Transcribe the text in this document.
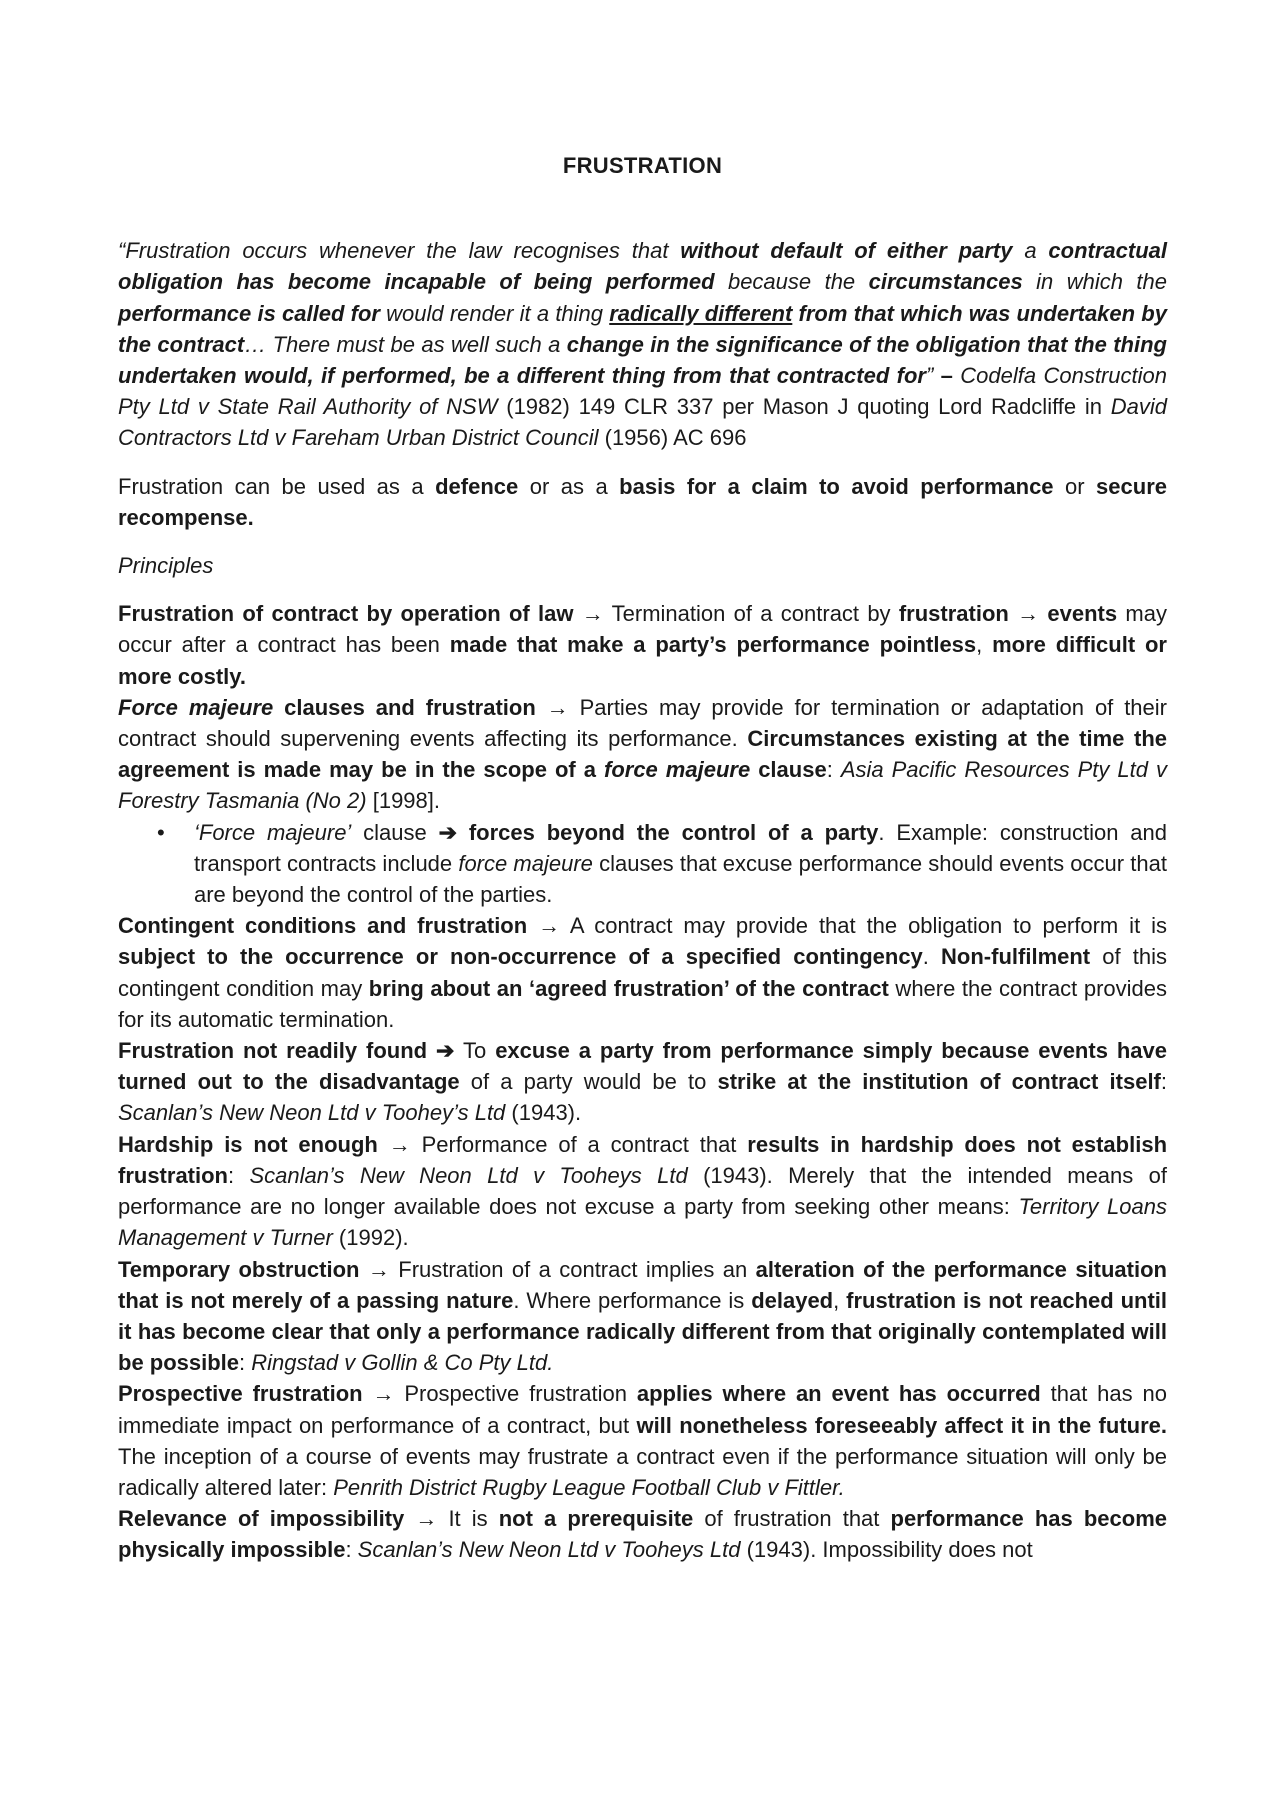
FRUSTRATION

“Frustration occurs whenever the law recognises that without default of either party a contractual obligation has become incapable of being performed because the circumstances in which the performance is called for would render it a thing radically different from that which was undertaken by the contract… There must be as well such a change in the significance of the obligation that the thing undertaken would, if performed, be a different thing from that contracted for” – Codelfa Construction Pty Ltd v State Rail Authority of NSW (1982) 149 CLR 337 per Mason J quoting Lord Radcliffe in David Contractors Ltd v Fareham Urban District Council (1956) AC 696

Frustration can be used as a defence or as a basis for a claim to avoid performance or secure recompense.

Principles

Frustration of contract by operation of law → Termination of a contract by frustration → events may occur after a contract has been made that make a party’s performance pointless, more difficult or more costly.

Force majeure clauses and frustration → Parties may provide for termination or adaptation of their contract should supervening events affecting its performance. Circumstances existing at the time the agreement is made may be in the scope of a force majeure clause: Asia Pacific Resources Pty Ltd v Forestry Tasmania (No 2) [1998].

• ‘Force majeure’ clause ➔ forces beyond the control of a party. Example: construction and transport contracts include force majeure clauses that excuse performance should events occur that are beyond the control of the parties.

Contingent conditions and frustration → A contract may provide that the obligation to perform it is subject to the occurrence or non-occurrence of a specified contingency. Non-fulfilment of this contingent condition may bring about an ‘agreed frustration’ of the contract where the contract provides for its automatic termination.

Frustration not readily found ➔ To excuse a party from performance simply because events have turned out to the disadvantage of a party would be to strike at the institution of contract itself: Scanlan’s New Neon Ltd v Toohey’s Ltd (1943).

Hardship is not enough → Performance of a contract that results in hardship does not establish frustration: Scanlan’s New Neon Ltd v Tooheys Ltd (1943). Merely that the intended means of performance are no longer available does not excuse a party from seeking other means: Territory Loans Management v Turner (1992).

Temporary obstruction → Frustration of a contract implies an alteration of the performance situation that is not merely of a passing nature. Where performance is delayed, frustration is not reached until it has become clear that only a performance radically different from that originally contemplated will be possible: Ringstad v Gollin & Co Pty Ltd.

Prospective frustration → Prospective frustration applies where an event has occurred that has no immediate impact on performance of a contract, but will nonetheless foreseeably affect it in the future. The inception of a course of events may frustrate a contract even if the performance situation will only be radically altered later: Penrith District Rugby League Football Club v Fittler.

Relevance of impossibility → It is not a prerequisite of frustration that performance has become physically impossible: Scanlan’s New Neon Ltd v Tooheys Ltd (1943). Impossibility does not
